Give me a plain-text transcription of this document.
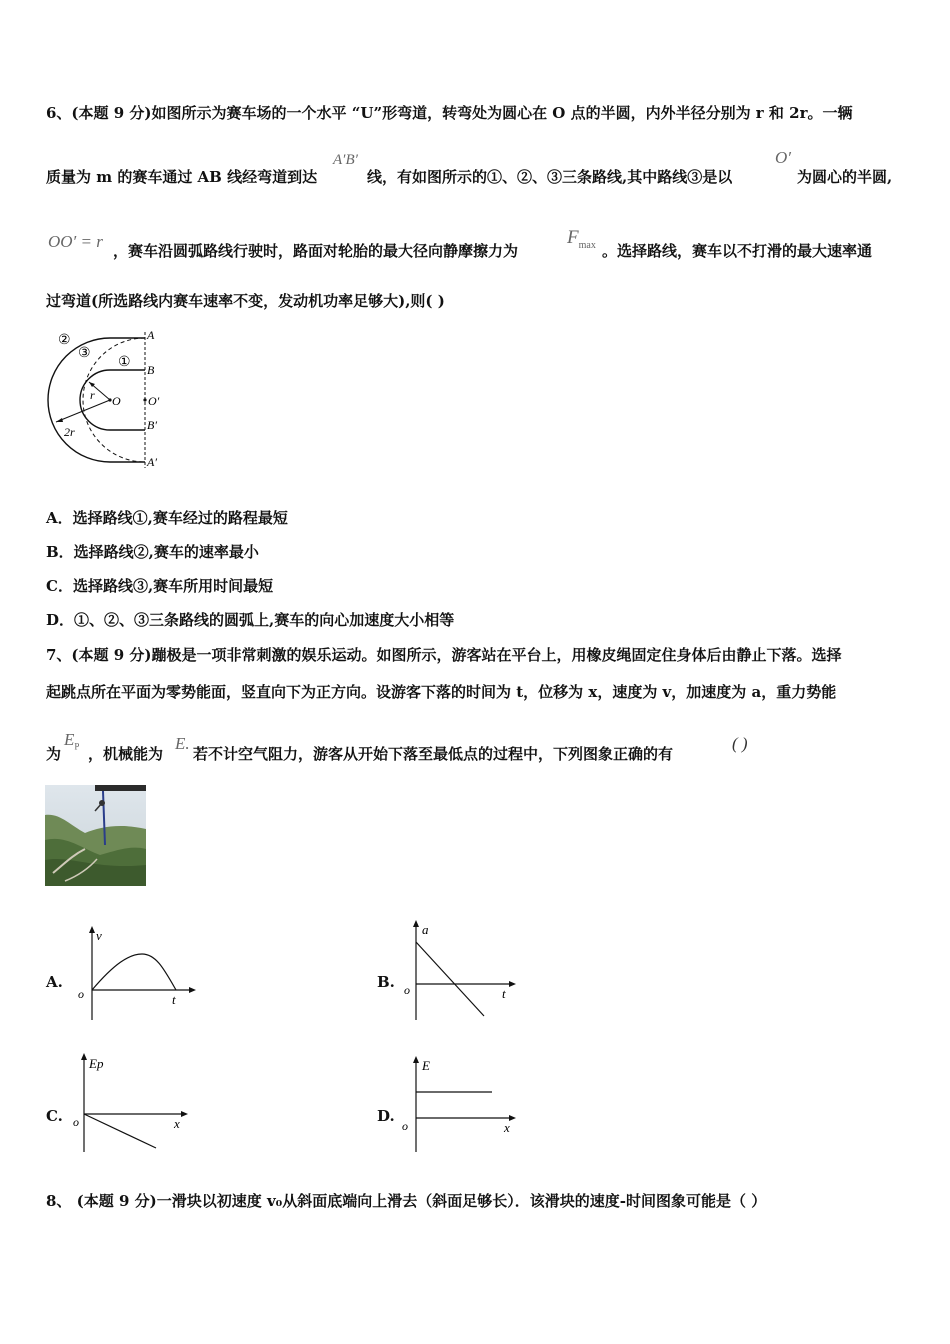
6、(本题 9 分)如图所示为赛车场的一个水平 “U”形弯道，转弯处为圆心在 O 点的半圆，内外半径分别为 r 和 2r。一辆
质量为 m 的赛车通过 AB 线经弯道到达
A′B′
线，有如图所示的①、②、③三条路线,其中路线③是以
O′
为圆心的半圆,
OO′ = r ，赛车沿圆弧路线行驶时，路面对轮胎的最大径向静摩擦力为
$F_{max}$ 。选择路线，赛车以不打滑的最大速率通
过弯道(所选路线内赛车速率不变，发动机功率足够大),则( )
②
③
①
A
B
O O′
B′
A′
r
2r
A．选择路线①,赛车经过的路程最短
B．选择路线②,赛车的速率最小
C．选择路线③,赛车所用时间最短
D．①、②、③三条路线的圆弧上,赛车的向心加速度大小相等
7、(本题 9 分)蹦极是一项非常刺激的娱乐运动。如图所示，游客站在平台上，用橡皮绳固定住身体后由静止下落。选择
起跳点所在平面为零势能面，竖直向下为正方向。设游客下落的时间为 t，位移为 x，速度为 v，加速度为 a，重力势能
为
$E_P$ ，机械能为
E.
若不计空气阻力，游客从开始下落至最低点的过程中，下列图象正确的有
( )
A.
v
t
o
B.
a
t
o
C.
Ep
x
o	D.
E
x
o
8、 (本题 9 分)一滑块以初速度 v₀从斜面底端向上滑去（斜面足够长）．该滑块的速度-时间图象可能是（ ）
